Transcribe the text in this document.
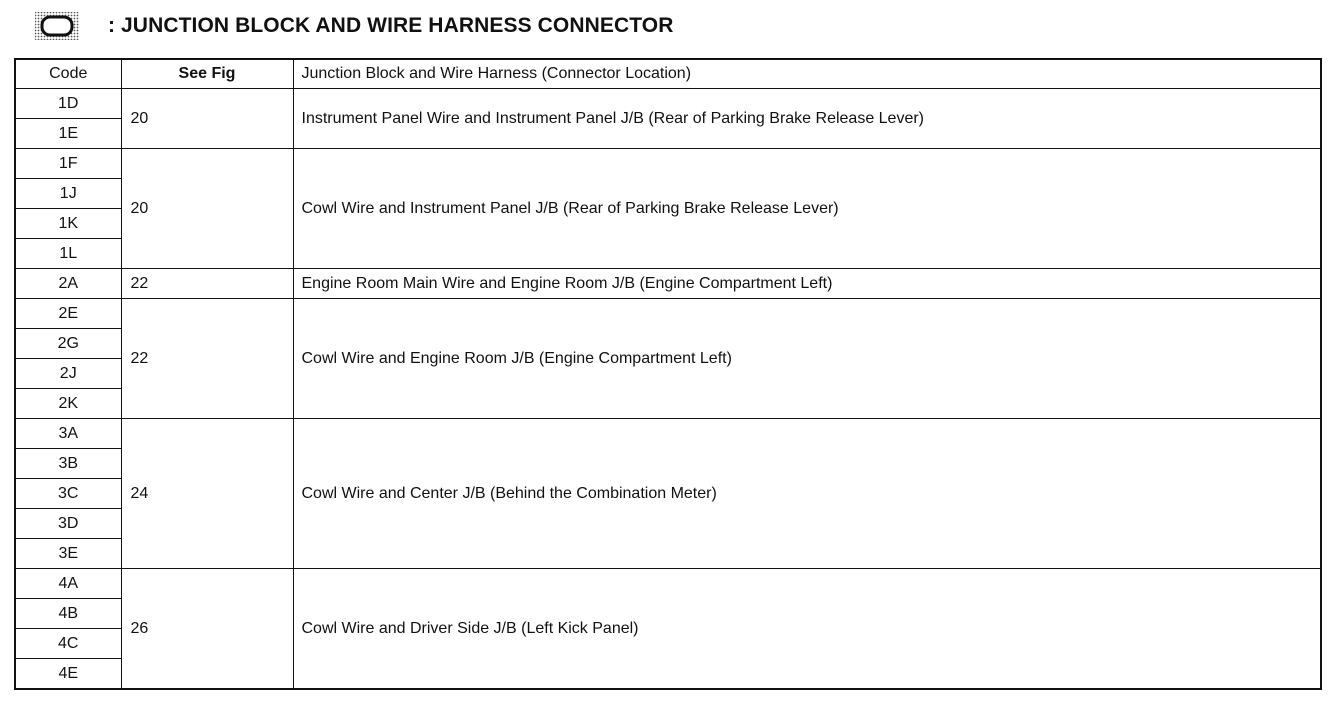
: JUNCTION BLOCK AND WIRE HARNESS CONNECTOR
Code	See Fig	Junction Block and Wire Harness (Connector Location)
1D	20	Instrument Panel Wire and Instrument Panel J/B (Rear of Parking Brake Release Lever)
1E		
1F	20	Cowl Wire and Instrument Panel J/B (Rear of Parking Brake Release Lever)
1J		
1K		
1L		
2A	22	Engine Room Main Wire and Engine Room J/B (Engine Compartment Left)
2E	22	Cowl Wire and Engine Room J/B (Engine Compartment Left)
2G		
2J		
2K		
3A	24	Cowl Wire and Center J/B (Behind the Combination Meter)
3B		
3C		
3D		
3E		
4A	26	Cowl Wire and Driver Side J/B (Left Kick Panel)
4B		
4C		
4E		
